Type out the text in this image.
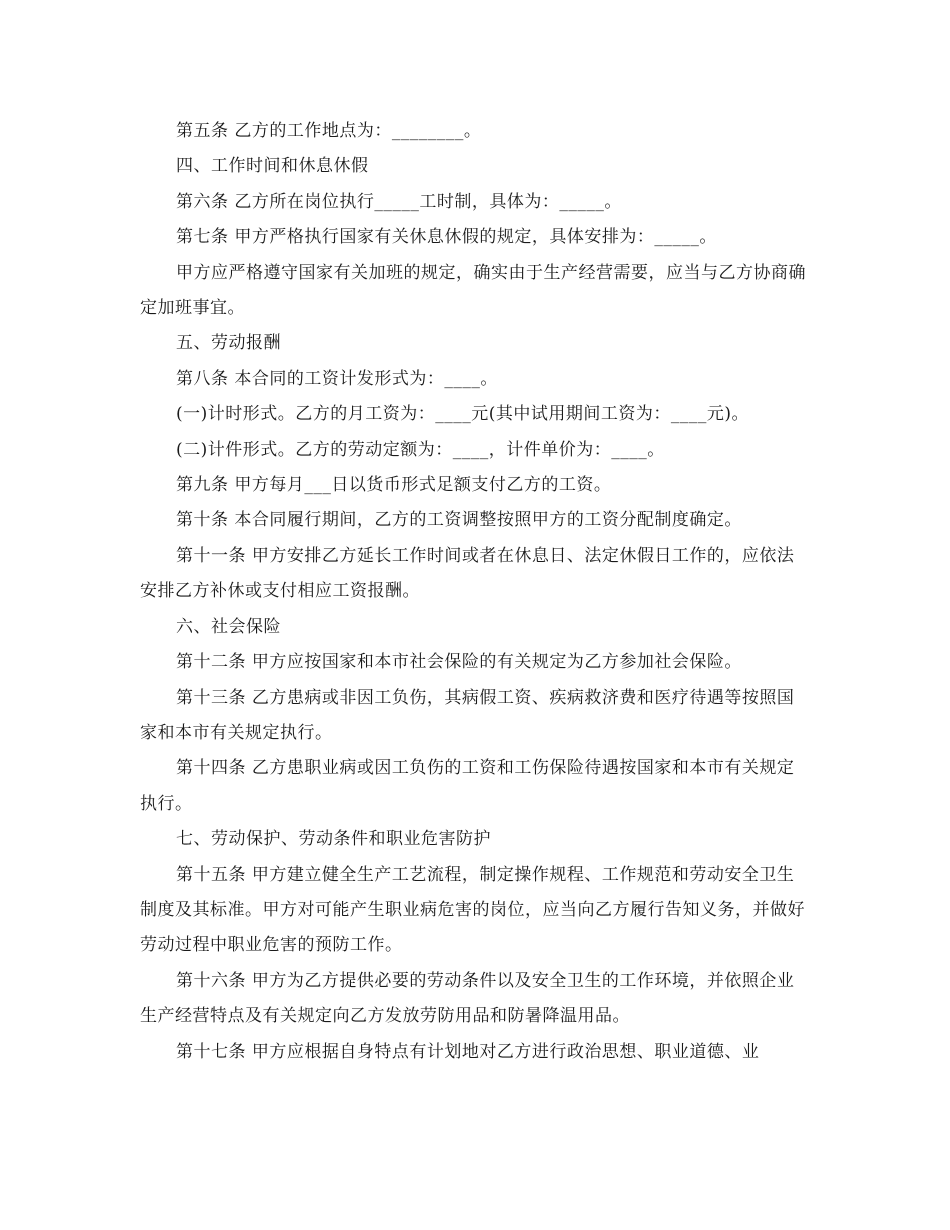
第五条 乙方的工作地点为：________。

四、工作时间和休息休假

第六条 乙方所在岗位执行_____工时制，具体为：_____。

第七条 甲方严格执行国家有关休息休假的规定，具体安排为：_____。

甲方应严格遵守国家有关加班的规定，确实由于生产经营需要，应当与乙方协商确定加班事宜。

五、劳动报酬

第八条 本合同的工资计发形式为：____。

(一)计时形式。乙方的月工资为：____元(其中试用期间工资为：____元)。

(二)计件形式。乙方的劳动定额为：____，计件单价为：____。

第九条 甲方每月___日以货币形式足额支付乙方的工资。

第十条 本合同履行期间，乙方的工资调整按照甲方的工资分配制度确定。

第十一条 甲方安排乙方延长工作时间或者在休息日、法定休假日工作的，应依法安排乙方补休或支付相应工资报酬。

六、社会保险

第十二条 甲方应按国家和本市社会保险的有关规定为乙方参加社会保险。

第十三条 乙方患病或非因工负伤，其病假工资、疾病救济费和医疗待遇等按照国家和本市有关规定执行。

第十四条 乙方患职业病或因工负伤的工资和工伤保险待遇按国家和本市有关规定执行。

七、劳动保护、劳动条件和职业危害防护

第十五条 甲方建立健全生产工艺流程，制定操作规程、工作规范和劳动安全卫生制度及其标准。甲方对可能产生职业病危害的岗位，应当向乙方履行告知义务，并做好劳动过程中职业危害的预防工作。

第十六条 甲方为乙方提供必要的劳动条件以及安全卫生的工作环境，并依照企业生产经营特点及有关规定向乙方发放劳防用品和防暑降温用品。

第十七条 甲方应根据自身特点有计划地对乙方进行政治思想、职业道德、业
